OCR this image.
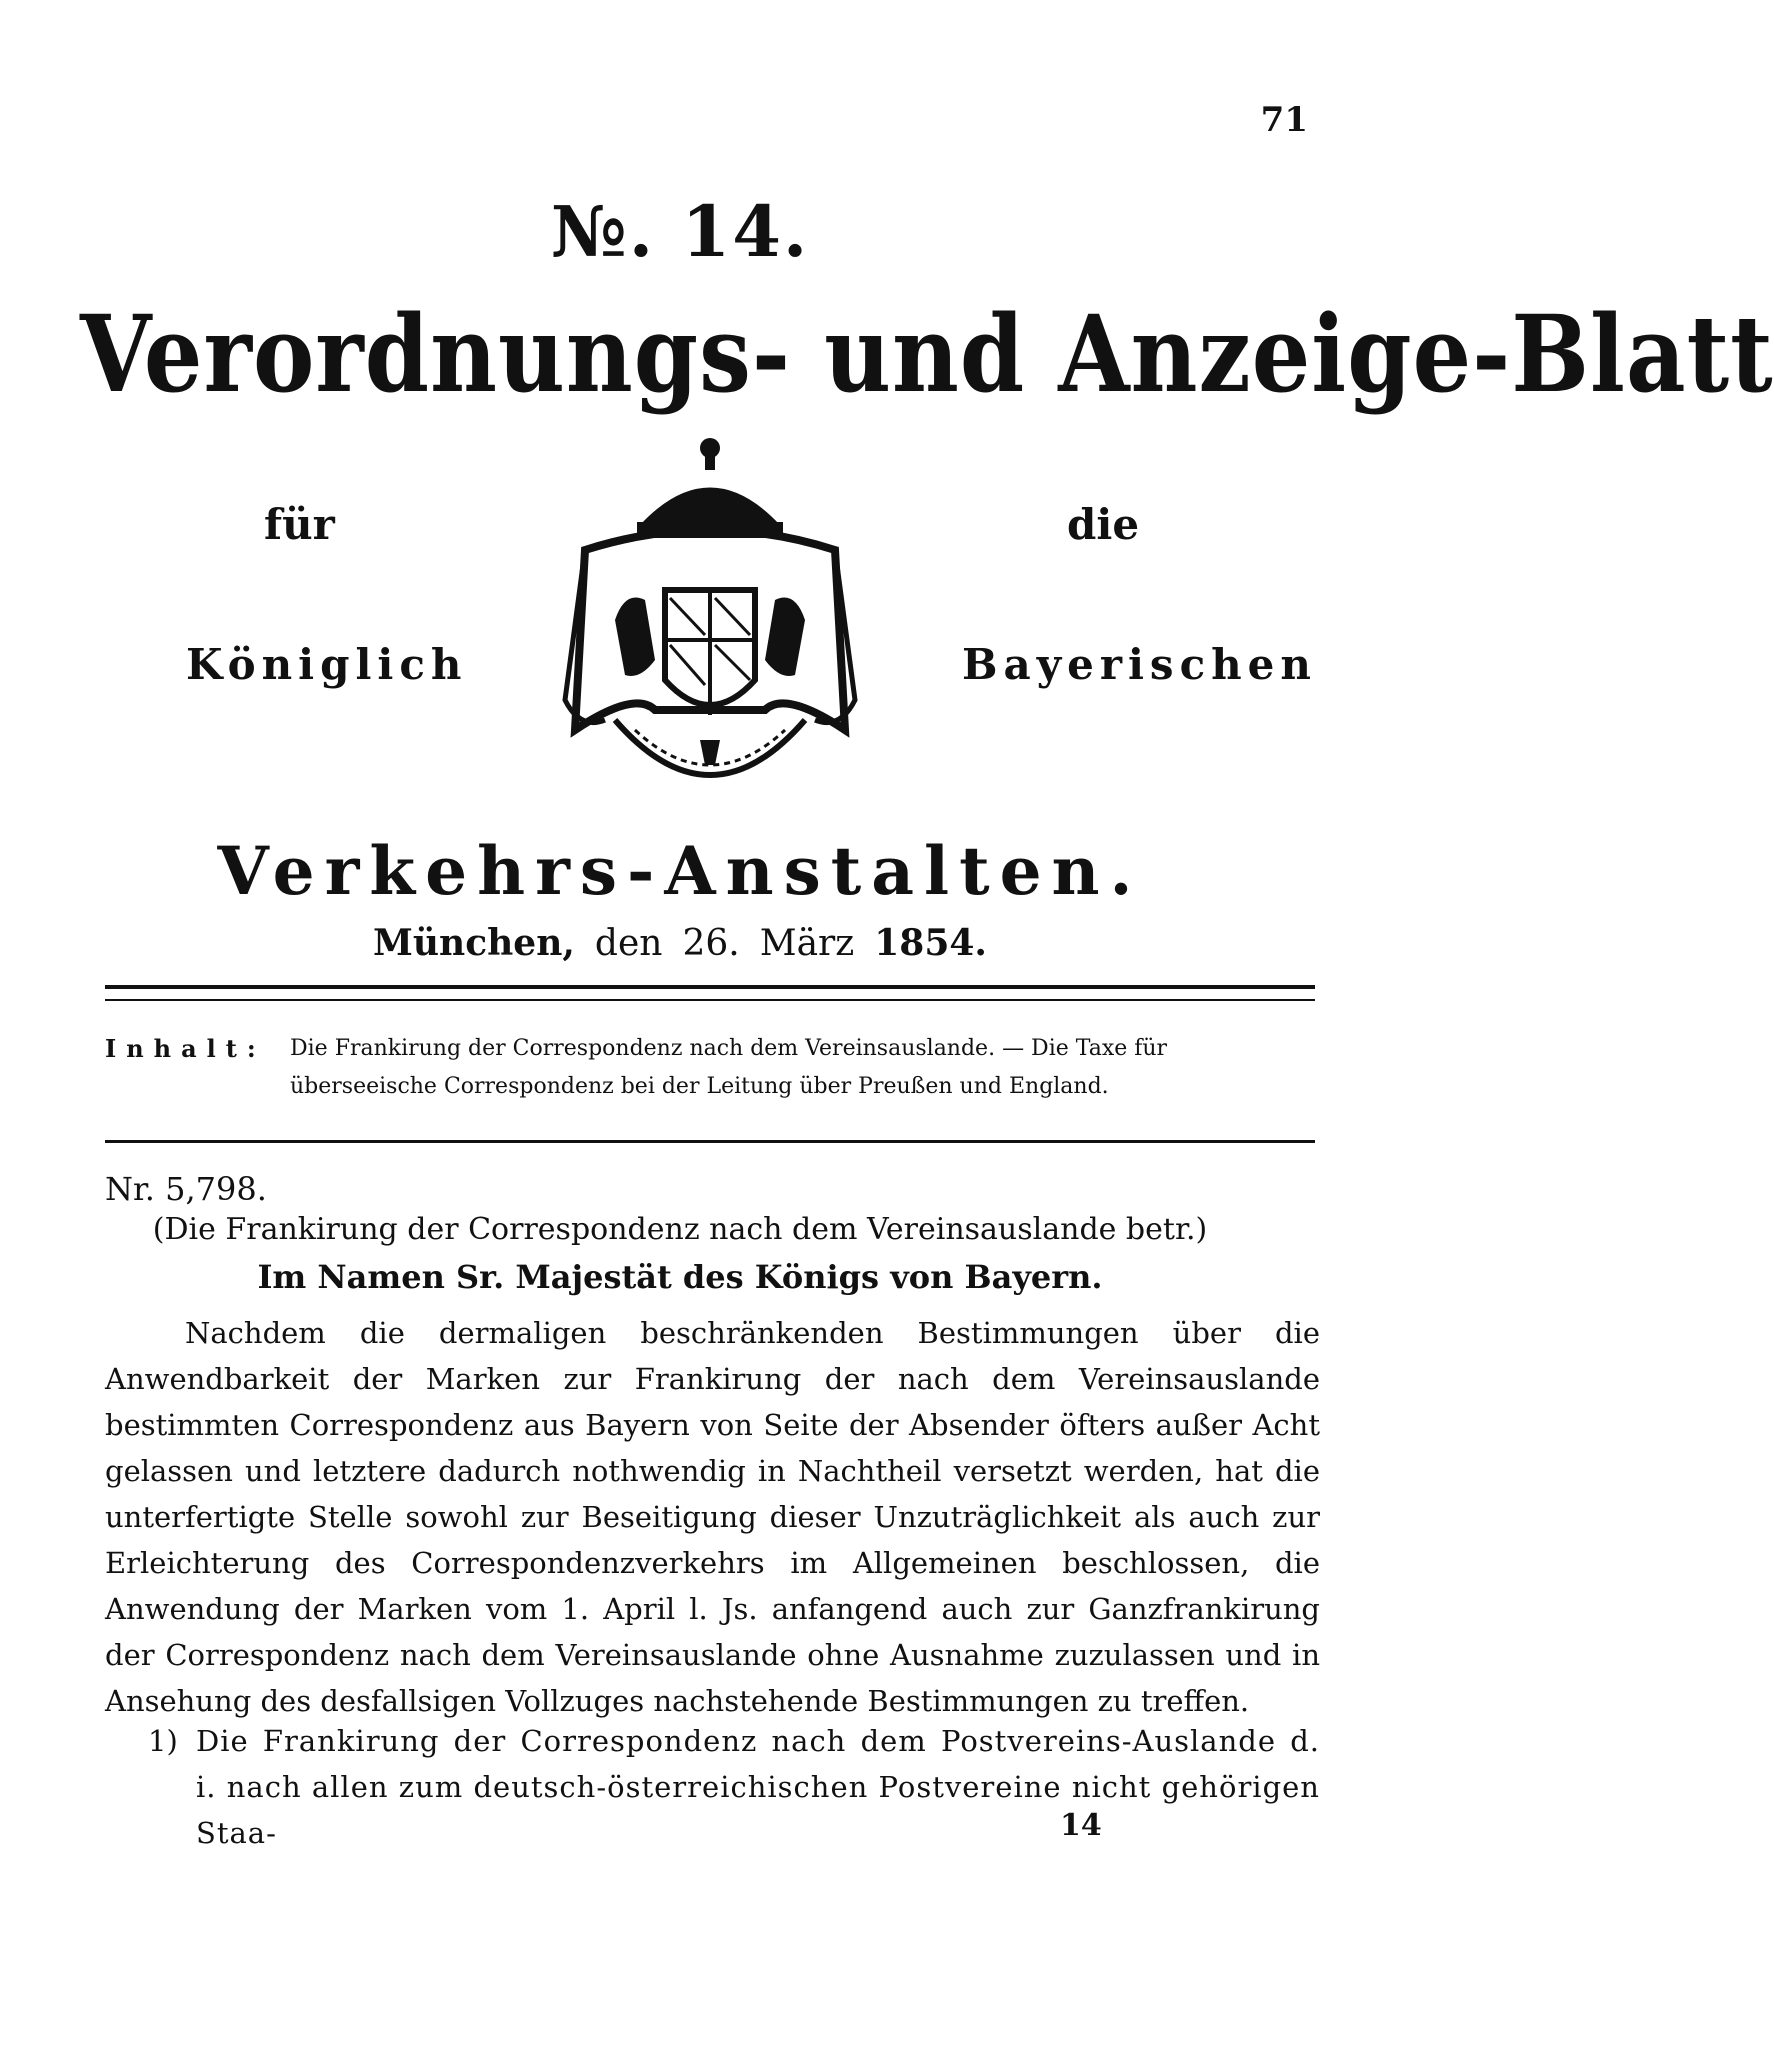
71
№. 14.
Verordnungs- und Anzeige-Blatt
für	die
Königlich	Bayerischen
Verkehrs-Anstalten.
München, den 26. März 1854.
Inhalt:	Die Frankirung der Correspondenz nach dem Vereinsauslande. — Die Taxe für überseeische Correspondenz bei der Leitung über Preußen und England.
Nr. 5,798.
(Die Frankirung der Correspondenz nach dem Vereinsauslande betr.)
Im Namen Sr. Majestät des Königs von Bayern.

Nachdem die dermaligen beschränkenden Bestimmungen über die Anwendbarkeit der Marken zur Frankirung der nach dem Vereinsauslande bestimmten Correspondenz aus Bayern von Seite der Absender öfters außer Acht gelassen und letztere dadurch nothwendig in Nachtheil versetzt werden, hat die unterfertigte Stelle sowohl zur Beseitigung dieser Unzuträglichkeit als auch zur Erleichterung des Correspondenzverkehrs im Allgemeinen beschlossen, die Anwendung der Marken vom 1. April l. Js. anfangend auch zur Ganzfrankirung der Correspondenz nach dem Vereinsauslande ohne Ausnahme zuzulassen und in Ansehung des desfallsigen Vollzuges nachstehende Bestimmungen zu treffen.

1) Die Frankirung der Correspondenz nach dem Postvereins-Auslande d. i. nach allen zum deutsch-österreichischen Postvereine nicht gehörigen Staa-	14
